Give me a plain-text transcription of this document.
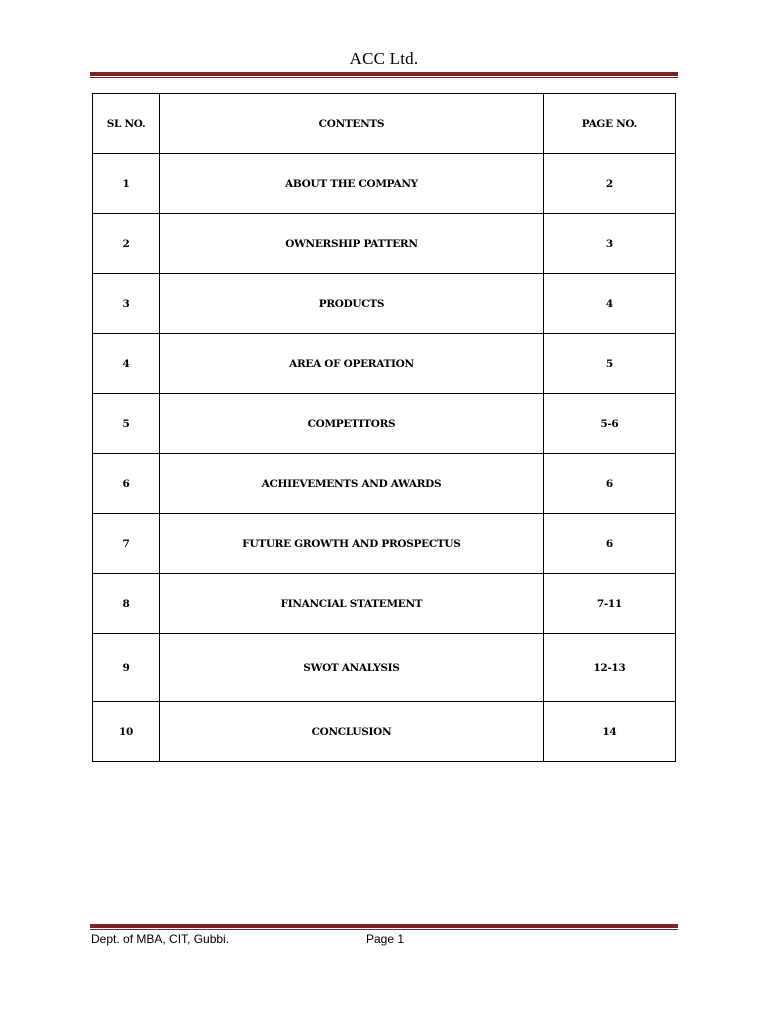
ACC Ltd.
SL NO.	CONTENTS	PAGE NO.
1	ABOUT THE COMPANY	2
2	OWNERSHIP PATTERN	3
3	PRODUCTS	4
4	AREA OF OPERATION	5
5	COMPETITORS	5-6
6	ACHIEVEMENTS AND AWARDS	6
7	FUTURE GROWTH AND PROSPECTUS	6
8	FINANCIAL STATEMENT	7-11
9	SWOT ANALYSIS	12-13
10	CONCLUSION	14
Dept. of MBA, CIT, Gubbi.	Page 1
